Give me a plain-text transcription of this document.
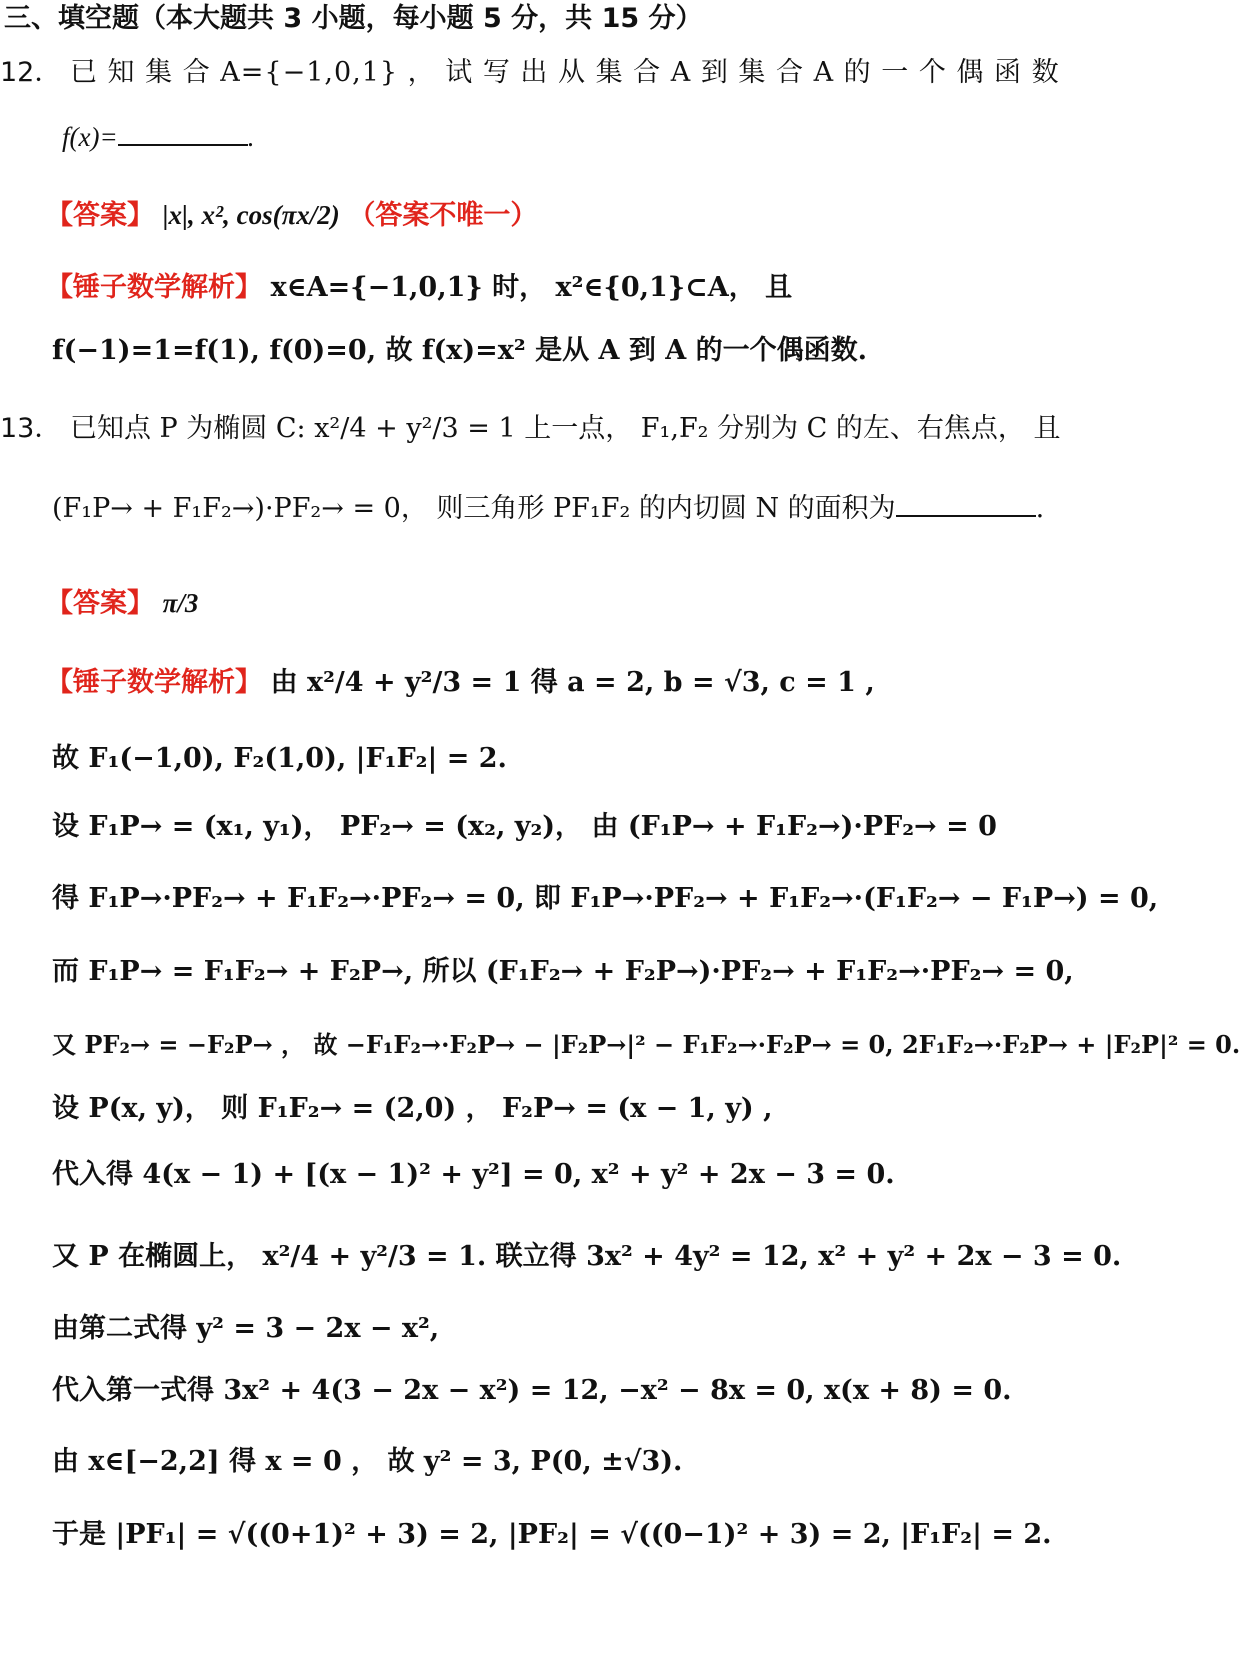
三、填空题（本大题共 3 小题，每小题 5 分，共 15 分）
12． 已 知 集 合 A={−1,0,1} ， 试 写 出 从 集 合 A 到 集 合 A 的 一 个 偶 函 数
f(x)=	.
【答案】 |x|, x², cos(πx/2) （答案不唯一）
【锤子数学解析】 x∈A={−1,0,1} 时， x²∈{0,1}⊂A， 且
f(−1)=1=f(1), f(0)=0, 故 f(x)=x² 是从 A 到 A 的一个偶函数.
13． 已知点 P 为椭圆 C: x²/4 + y²/3 = 1 上一点， F₁,F₂ 分别为 C 的左、右焦点， 且
(F₁P→ + F₁F₂→)·PF₂→ = 0， 则三角形 PF₁F₂ 的内切圆 N 的面积为	.
【答案】 π/3
【锤子数学解析】 由 x²/4 + y²/3 = 1 得 a = 2, b = √3, c = 1 ,
故 F₁(−1,0), F₂(1,0), |F₁F₂| = 2.
设 F₁P→ = (x₁, y₁)， PF₂→ = (x₂, y₂)， 由 (F₁P→ + F₁F₂→)·PF₂→ = 0
得 F₁P→·PF₂→ + F₁F₂→·PF₂→ = 0, 即 F₁P→·PF₂→ + F₁F₂→·(F₁F₂→ − F₁P→) = 0,
而 F₁P→ = F₁F₂→ + F₂P→, 所以 (F₁F₂→ + F₂P→)·PF₂→ + F₁F₂→·PF₂→ = 0,
又 PF₂→ = −F₂P→ ， 故 −F₁F₂→·F₂P→ − |F₂P→|² − F₁F₂→·F₂P→ = 0, 2F₁F₂→·F₂P→ + |F₂P|² = 0.
设 P(x, y)， 则 F₁F₂→ = (2,0) ， F₂P→ = (x − 1, y) ,
代入得 4(x − 1) + [(x − 1)² + y²] = 0, x² + y² + 2x − 3 = 0.
又 P 在椭圆上， x²/4 + y²/3 = 1. 联立得 3x² + 4y² = 12, x² + y² + 2x − 3 = 0.
由第二式得 y² = 3 − 2x − x²,
代入第一式得 3x² + 4(3 − 2x − x²) = 12, −x² − 8x = 0, x(x + 8) = 0.
由 x∈[−2,2] 得 x = 0 ， 故 y² = 3, P(0, ±√3).
于是 |PF₁| = √((0+1)² + 3) = 2, |PF₂| = √((0−1)² + 3) = 2, |F₁F₂| = 2.
